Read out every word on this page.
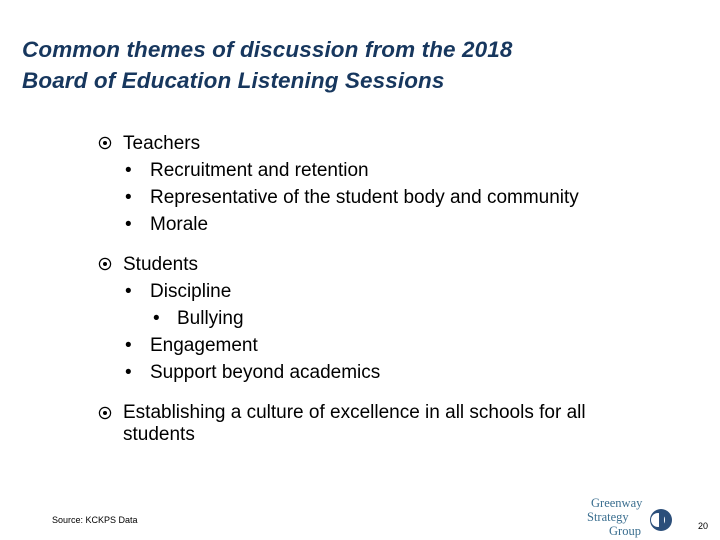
Common themes of discussion from the 2018
Board of Education Listening Sessions
Teachers
• Recruitment and retention
• Representative of the student body and community
• Morale
Students
• Discipline
• Bullying
• Engagement
• Support beyond academics
Establishing a culture of excellence in all schools for all
students
Source: KCKPS Data
Greenway
Strategy
Group	20
